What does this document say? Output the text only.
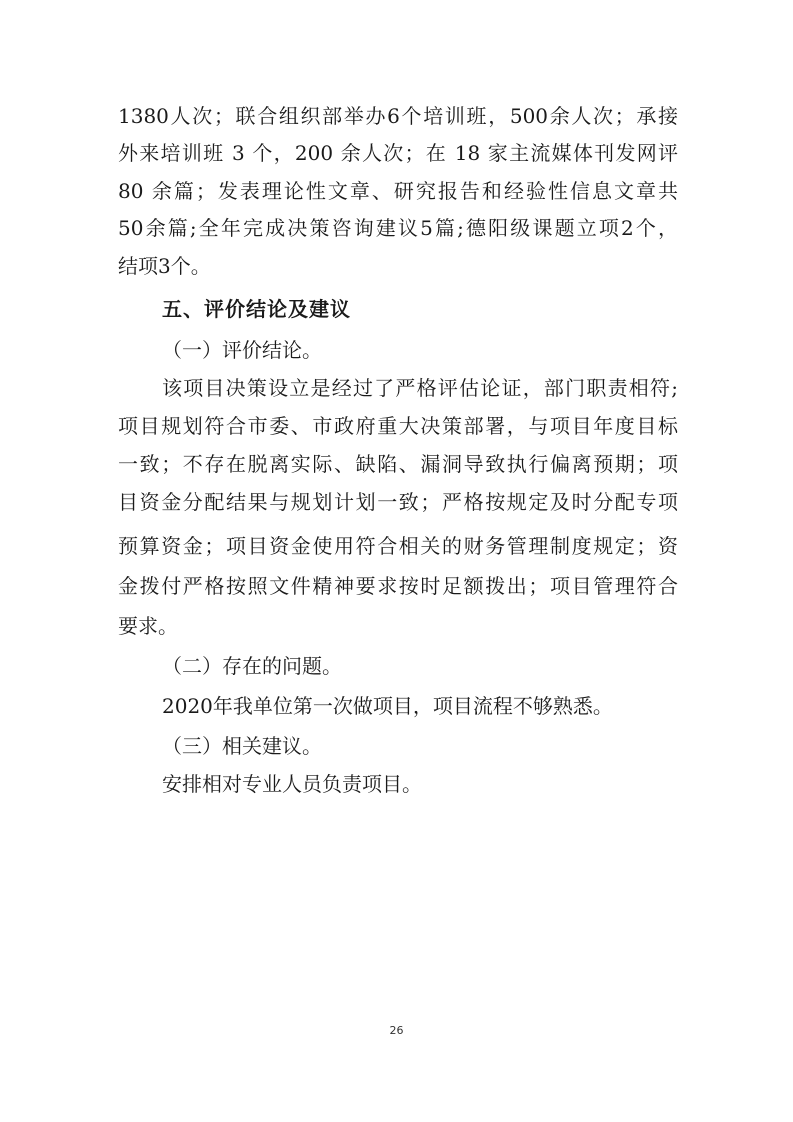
1380人次；联合组织部举办6个培训班，500余人次；承接
外来培训班 3 个，200 余人次；在 18 家主流媒体刊发网评
80 余篇；发表理论性文章、研究报告和经验性信息文章共
50余篇;全年完成决策咨询建议5篇;德阳级课题立项2个，
结项3个。
五、评价结论及建议
（一）评价结论。
该项目决策设立是经过了严格评估论证，部门职责相符;
项目规划符合市委、市政府重大决策部署，与项目年度目标
一致；不存在脱离实际、缺陷、漏洞导致执行偏离预期；项
目资金分配结果与规划计划一致；严格按规定及时分配专项
预算资金；项目资金使用符合相关的财务管理制度规定；资
金拨付严格按照文件精神要求按时足额拨出；项目管理符合
要求。
（二）存在的问题。
2020年我单位第一次做项目，项目流程不够熟悉。
（三）相关建议。
安排相对专业人员负责项目。
26
